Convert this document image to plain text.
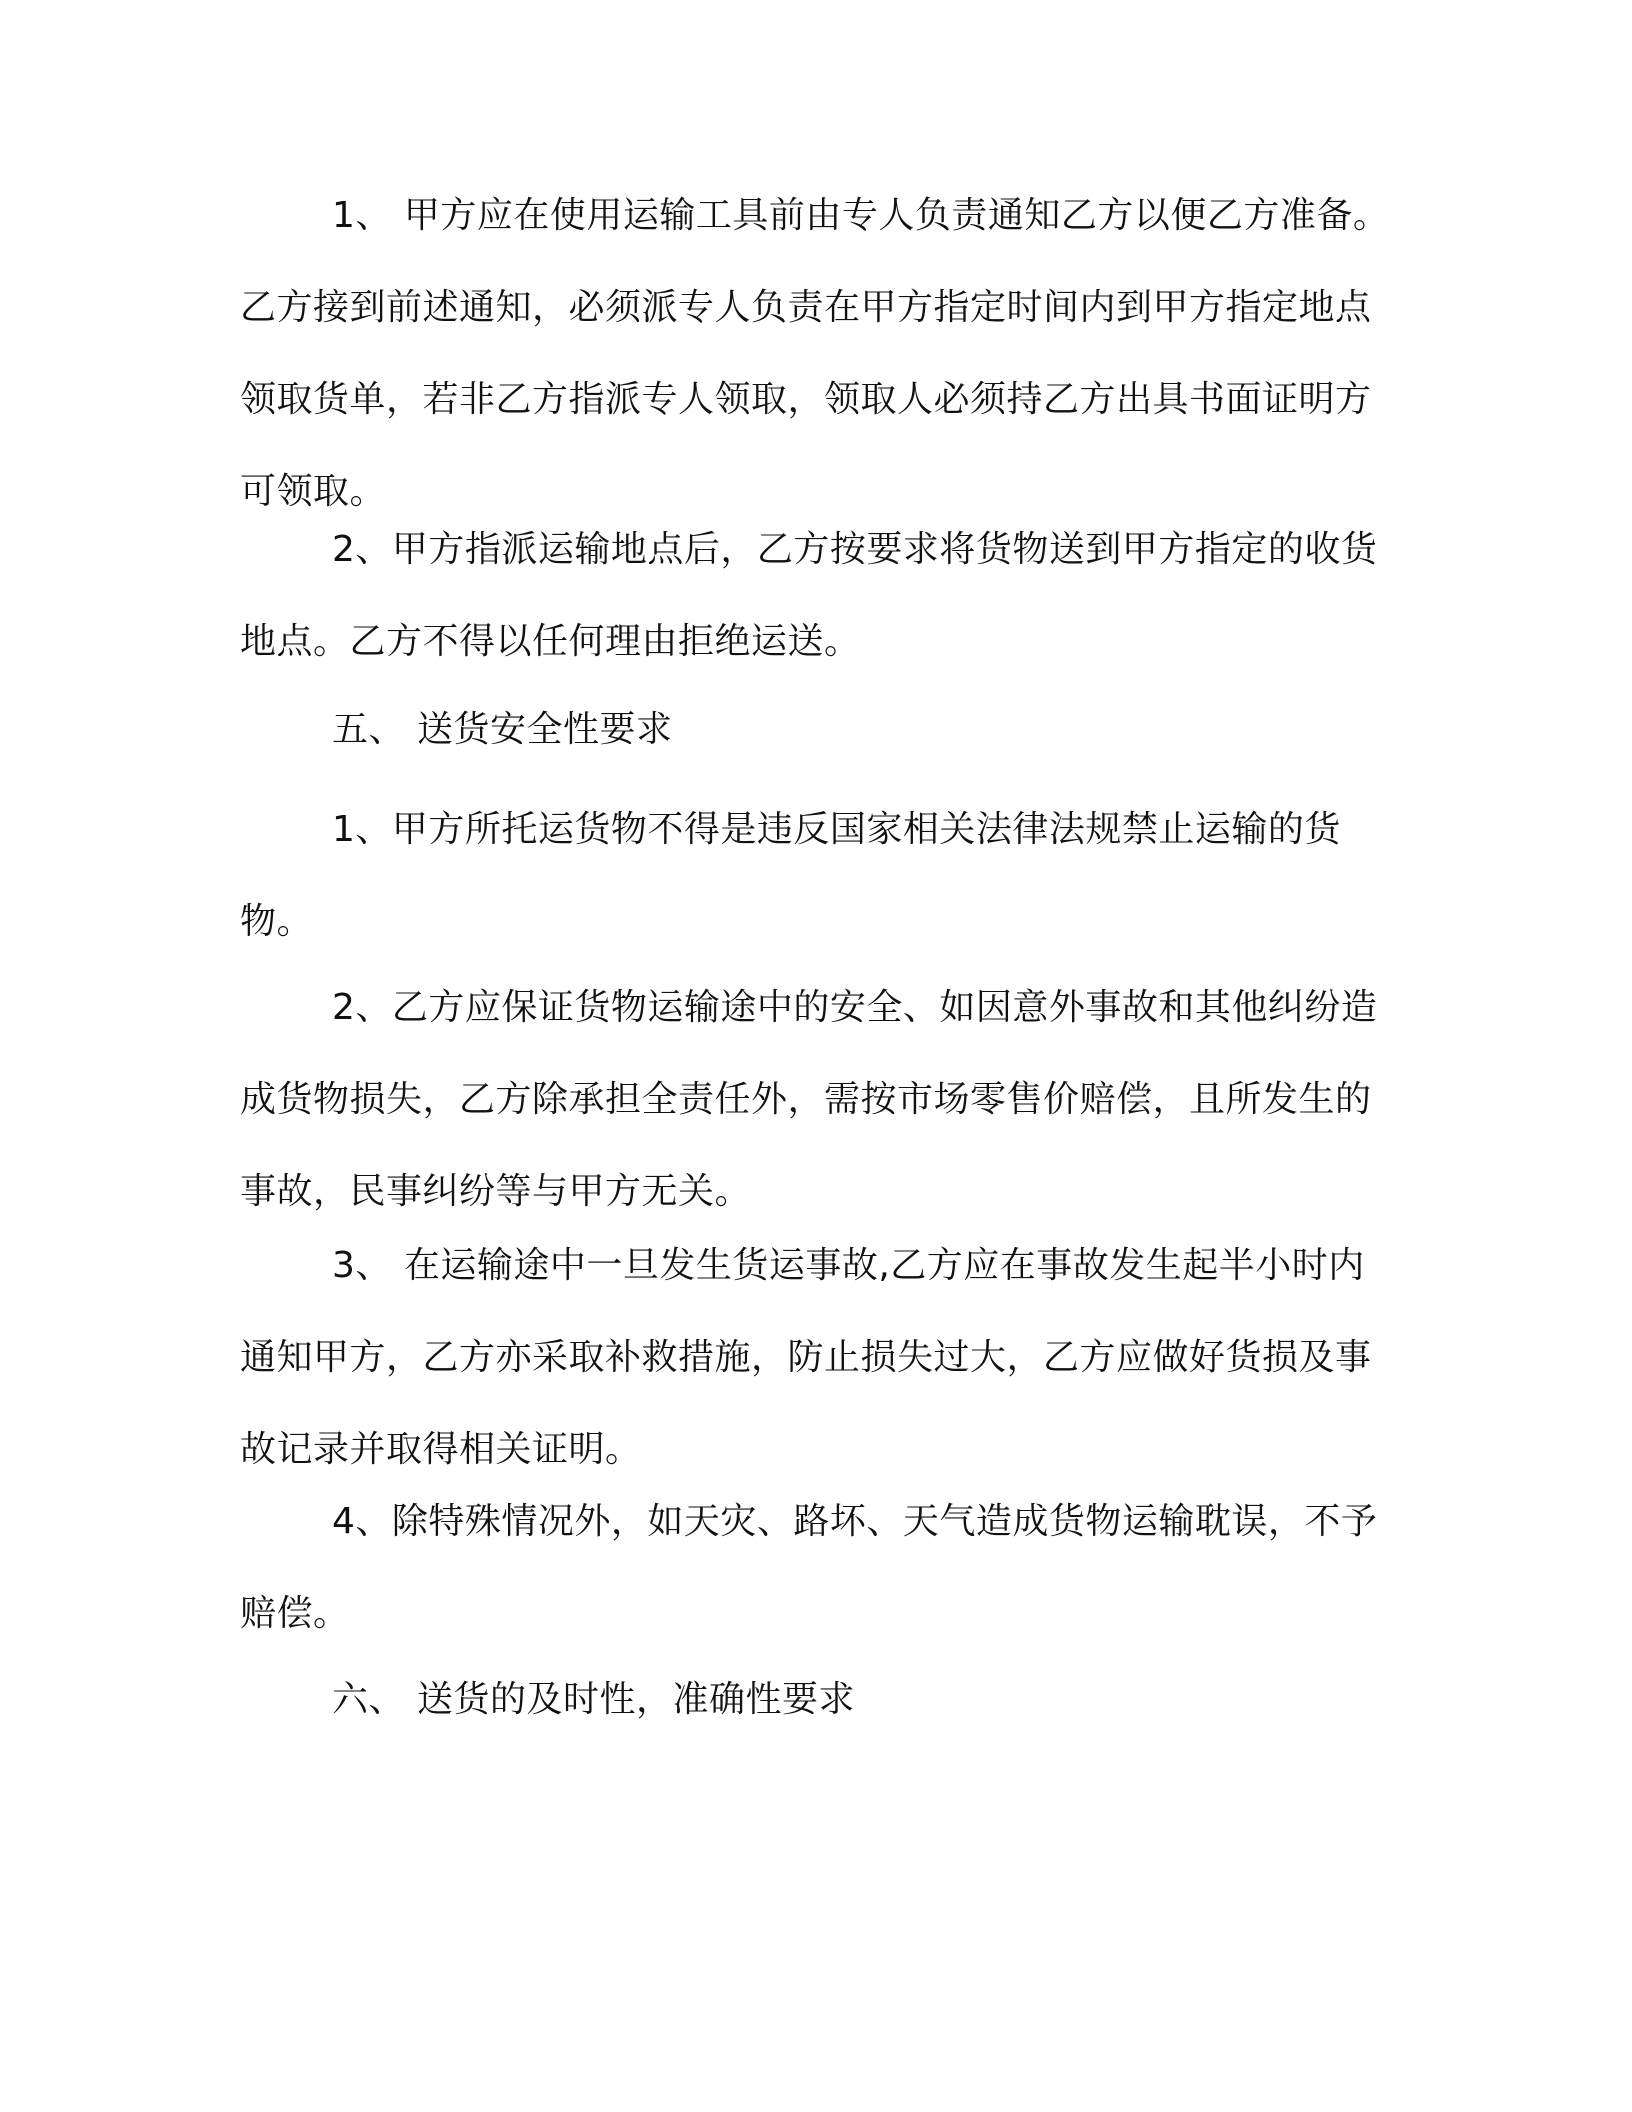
1、 甲方应在使用运输工具前由专人负责通知乙方以便乙方准备。乙方接到前述通知，必须派专人负责在甲方指定时间内到甲方指定地点领取货单，若非乙方指派专人领取，领取人必须持乙方出具书面证明方可领取。

2、甲方指派运输地点后，乙方按要求将货物送到甲方指定的收货地点。乙方不得以任何理由拒绝运送。

五、 送货安全性要求

1、甲方所托运货物不得是违反国家相关法律法规禁止运输的货物。

2、乙方应保证货物运输途中的安全、如因意外事故和其他纠纷造成货物损失，乙方除承担全责任外，需按市场零售价赔偿，且所发生的事故，民事纠纷等与甲方无关。

3、 在运输途中一旦发生货运事故,乙方应在事故发生起半小时内通知甲方，乙方亦采取补救措施，防止损失过大，乙方应做好货损及事故记录并取得相关证明。

4、除特殊情况外，如天灾、路坏、天气造成货物运输耽误，不予赔偿。

六、 送货的及时性，准确性要求
